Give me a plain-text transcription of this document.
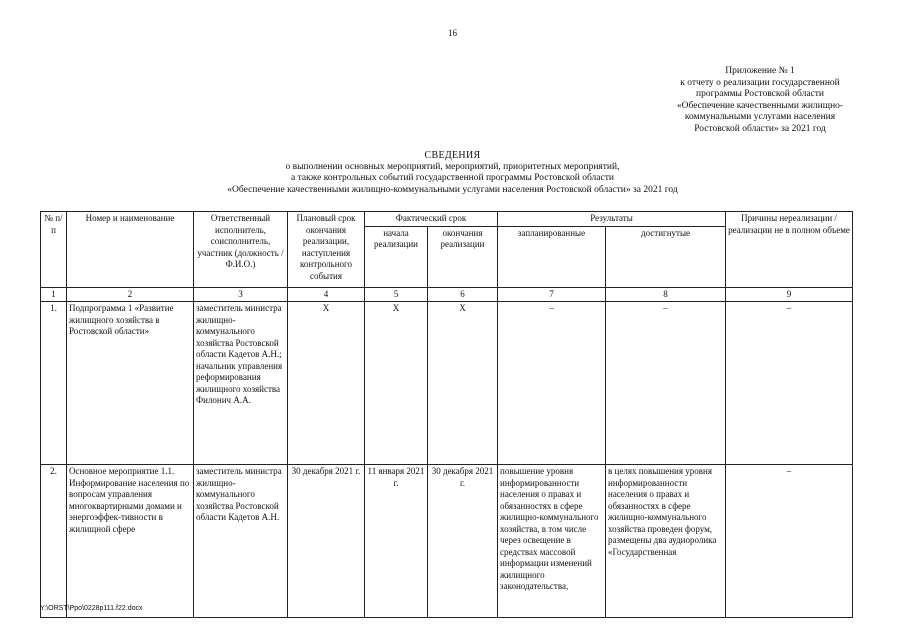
16
Приложение № 1
к отчету о реализации государственной
программы Ростовской области
«Обеспечение качественными жилищно-
коммунальными услугами населения
Ростовской области» за 2021 год
СВЕДЕНИЯ
о выполнении основных мероприятий, мероприятий, приоритетных мероприятий,
а также контрольных событий государственной программы Ростовской области
«Обеспечение качественными жилищно-коммунальными услугами населения Ростовской области» за 2021 год
№ п/п	Номер и наименование	Ответственный исполнитель, соисполнитель, участник (должность / Ф.И.О.)	Плановый срок окончания реализации, наступления контрольного события	Фактический срок		Результаты		Причины нереализации / реализации не в полном объеме
				начала реализации	окончания реализации	запланированные	достигнутые	
1	2	3	4	5	6	7	8	9
1.	Подпрограмма 1 «Развитие жилищного хозяйства в Ростовской области»	заместитель министра жилищно-коммунального хозяйства Ростовской области Кадетов А.Н.; начальник управления реформирования жилищного хозяйства Филонич А.А.	Х	Х	Х	–	–	–
2.	Основное мероприятие 1.1. Информирование населения по вопросам управления многоквартирными домами и энергоэффек-тивности в жилищной сфере	заместитель министра жилищно-коммунального хозяйства Ростовской области Кадетов А.Н.	30 декабря 2021 г.	11 января 2021 г.	30 декабря 2021 г.	повышение уровня информированности населения о правах и обязанностях в сфере жилищно-коммунального хозяйства, в том числе через освещение в средствах массовой информации изменений жилищного законодательства,	в целях повышения уровня информированности населения о правах и обязанностях в сфере жилищно-коммунального хозяйства проведен форум, размещены два аудиоролика «Государственная	–
Y:\ORST\Ppo\0228p111.f22.docx
